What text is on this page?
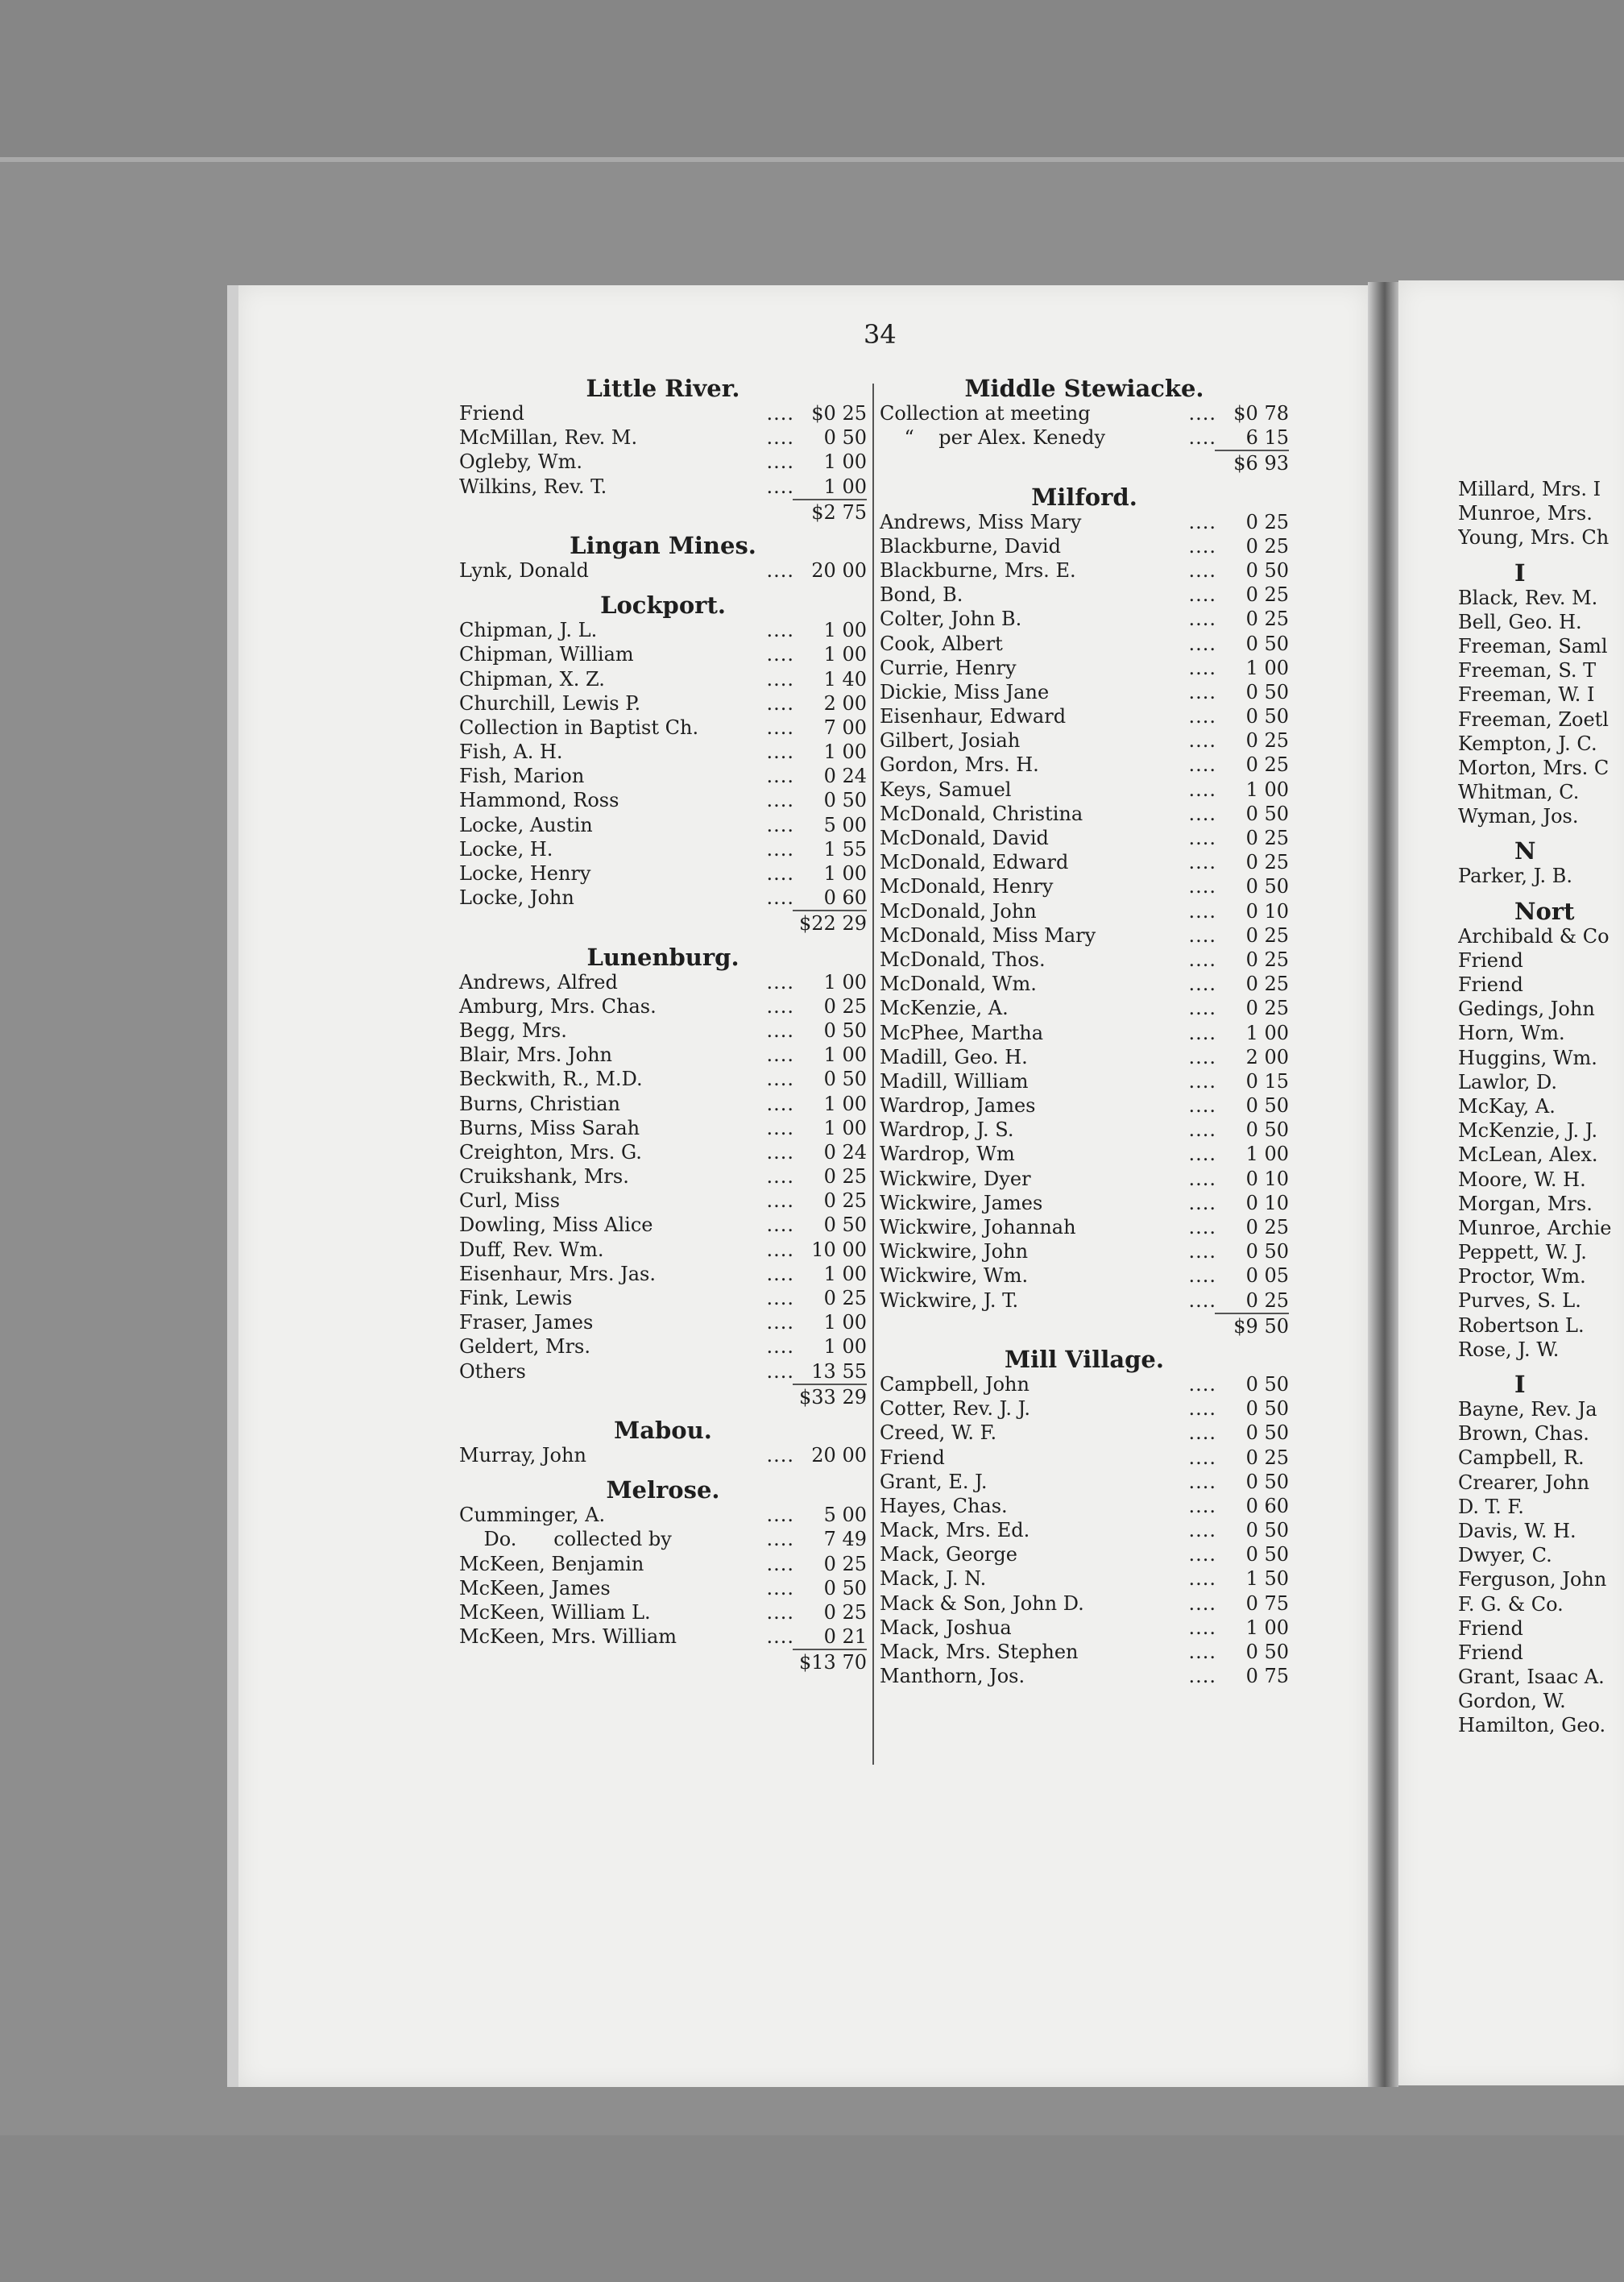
34
Little River.
Friend	.... $0 25
McMillan, Rev. M.	....	0 50
Ogleby, Wm.	....	1 00
Wilkins, Rev. T.	....	1 00
$2 75
Lingan Mines.
Lynk, Donald	.... 20 00
Lockport.
Chipman, J. L.	....	1 00
Chipman, William	....	1 00
Chipman, X. Z.	....	1 40
Churchill, Lewis P.	....	2 00
Collection in Baptist Ch.	....	7 00
Fish, A. H.	....	1 00
Fish, Marion	....	0 24
Hammond, Ross	....	0 50
Locke, Austin	....	5 00
Locke, H.	....	1 55
Locke, Henry	....	1 00
Locke, John	....	0 60
$22 29
Lunenburg.
Andrews, Alfred	....	1 00
Amburg, Mrs. Chas.	....	0 25
Begg, Mrs.	....	0 50
Blair, Mrs. John	....	1 00
Beckwith, R., M.D.	....	0 50
Burns, Christian	....	1 00
Burns, Miss Sarah	....	1 00
Creighton, Mrs. G.	....	0 24
Cruikshank, Mrs.	....	0 25
Curl, Miss	....	0 25
Dowling, Miss Alice	....	0 50
Duff, Rev. Wm.	.... 10 00
Eisenhaur, Mrs. Jas.	....	1 00
Fink, Lewis	....	0 25
Fraser, James	....	1 00
Geldert, Mrs.	....	1 00
Others	.... 13 55
$33 29
Mabou.
Murray, John	.... 20 00
Melrose.
Cumminger, A.	....	5 00
Do.      collected by	....	7 49
McKeen, Benjamin	....	0 25
McKeen, James	....	0 50
McKeen, William L.	....	0 25
McKeen, Mrs. William	....	0 21
$13 70
Middle Stewiacke.
Collection at meeting	.... $0 78
“    per Alex. Kenedy	....	6 15
$6 93
Milford.
Andrews, Miss Mary	....	0 25
Blackburne, David	....	0 25
Blackburne, Mrs. E.	....	0 50
Bond, B.	....	0 25
Colter, John B.	....	0 25
Cook, Albert	....	0 50
Currie, Henry	....	1 00
Dickie, Miss Jane	....	0 50
Eisenhaur, Edward	....	0 50
Gilbert, Josiah	....	0 25
Gordon, Mrs. H.	....	0 25
Keys, Samuel	....	1 00
McDonald, Christina	....	0 50
McDonald, David	....	0 25
McDonald, Edward	....	0 25
McDonald, Henry	....	0 50
McDonald, John	....	0 10
McDonald, Miss Mary	....	0 25
McDonald, Thos.	....	0 25
McDonald, Wm.	....	0 25
McKenzie, A.	....	0 25
McPhee, Martha	....	1 00
Madill, Geo. H.	....	2 00
Madill, William	....	0 15
Wardrop, James	....	0 50
Wardrop, J. S.	....	0 50
Wardrop, Wm	....	1 00
Wickwire, Dyer	....	0 10
Wickwire, James	....	0 10
Wickwire, Johannah	....	0 25
Wickwire, John	....	0 50
Wickwire, Wm.	....	0 05
Wickwire, J. T.	....	0 25
$9 50
Mill Village.
Campbell, John	....	0 50
Cotter, Rev. J. J.	....	0 50
Creed, W. F.	....	0 50
Friend	....	0 25
Grant, E. J.	....	0 50
Hayes, Chas.	....	0 60
Mack, Mrs. Ed.	....	0 50
Mack, George	....	0 50
Mack, J. N.	....	1 50
Mack & Son, John D.	....	0 75
Mack, Joshua	....	1 00
Mack, Mrs. Stephen	....	0 50
Manthorn, Jos.	....	0 75
Millard, Mrs. I
Munroe, Mrs.
Young, Mrs. Ch
I
Black, Rev. M.
Bell, Geo. H.
Freeman, Saml
Freeman, S. T
Freeman, W. I
Freeman, Zoetl
Kempton, J. C.
Morton, Mrs. C
Whitman, C.
Wyman, Jos.
N
Parker, J. B.
Nort
Archibald & Co
Friend
Friend
Gedings, John
Horn, Wm.
Huggins, Wm.
Lawlor, D.
McKay, A.
McKenzie, J. J.
McLean, Alex.
Moore, W. H.
Morgan, Mrs.
Munroe, Archie
Peppett, W. J.
Proctor, Wm.
Purves, S. L.
Robertson L.
Rose, J. W.
I
Bayne, Rev. Ja
Brown, Chas.
Campbell, R.
Crearer, John
D. T. F.
Davis, W. H.
Dwyer, C.
Ferguson, John
F. G. & Co.
Friend
Friend
Grant, Isaac A.
Gordon, W.
Hamilton, Geo.
